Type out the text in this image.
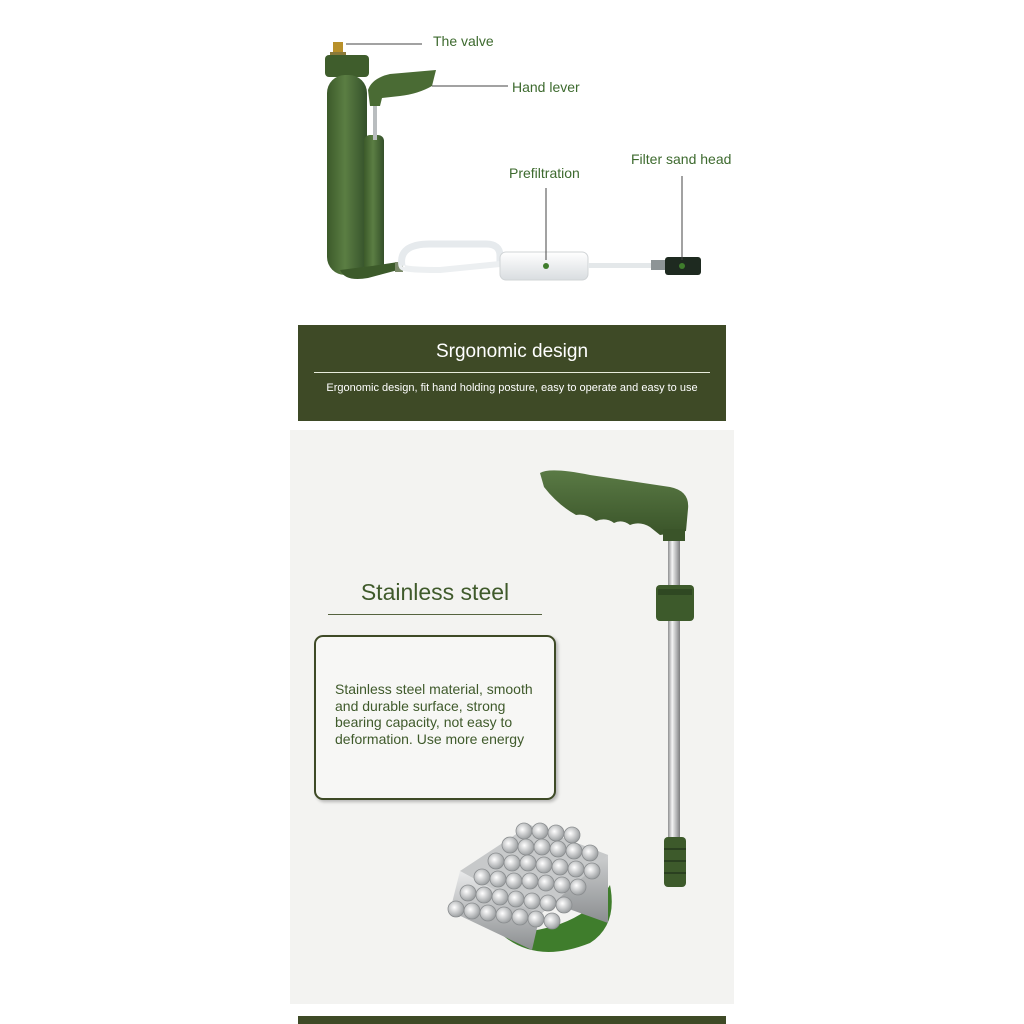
The valve
Hand lever
Prefiltration
Filter sand head
Srgonomic design
Ergonomic design, fit hand holding posture, easy to operate and easy to use
Stainless steel
Stainless steel material, smooth and durable surface, strong bearing capacity, not easy to deformation. Use more energy
